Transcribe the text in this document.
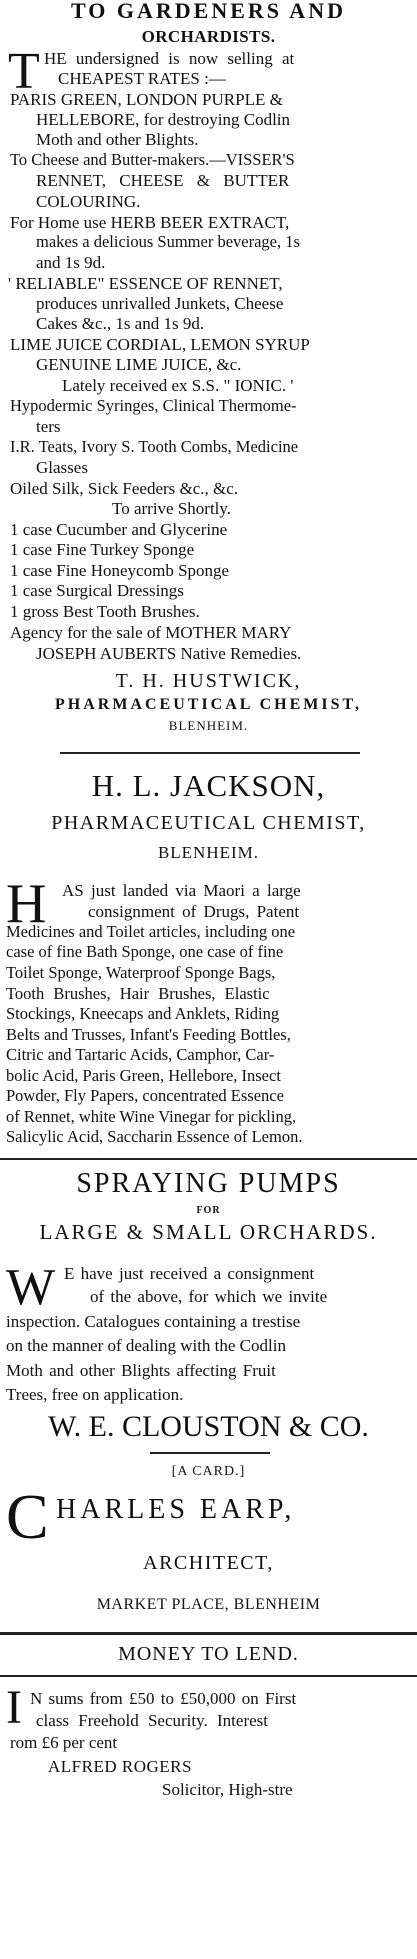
TO GARDENERS AND
ORCHARDISTS.
T HE undersigned is now selling at
CHEAPEST RATES :—
PARIS GREEN, LONDON PURPLE &
HELLEBORE, for destroying Codlin
Moth and other Blights.
To Cheese and Butter-makers.—VISSER'S
RENNET, CHEESE & BUTTER
COLOURING.
For Home use HERB BEER EXTRACT,
makes a delicious Summer beverage, 1s
and 1s 9d.
' RELIABLE" ESSENCE OF RENNET,
produces unrivalled Junkets, Cheese
Cakes &c., 1s and 1s 9d.
LIME JUICE CORDIAL, LEMON SYRUP
GENUINE LIME JUICE, &c.
Lately received ex S.S. " IONIC. '
Hypodermic Syringes, Clinical Thermome-
ters
I.R. Teats, Ivory S. Tooth Combs, Medicine
Glasses
Oiled Silk, Sick Feeders &c., &c.
To arrive Shortly.
1 case Cucumber and Glycerine
1 case Fine Turkey Sponge
1 case Fine Honeycomb Sponge
1 case Surgical Dressings
1 gross Best Tooth Brushes.
Agency for the sale of MOTHER MARY
JOSEPH AUBERTS Native Remedies.
T. H. HUSTWICK,
PHARMACEUTICAL CHEMIST,
BLENHEIM.
H. L. JACKSON,
PHARMACEUTICAL CHEMIST,
BLENHEIM.
H AS just landed via Maori a large
consignment of Drugs, Patent
Medicines and Toilet articles, including one
case of fine Bath Sponge, one case of fine
Toilet Sponge, Waterproof Sponge Bags,
Tooth Brushes, Hair Brushes, Elastic
Stockings, Kneecaps and Anklets, Riding
Belts and Trusses, Infant's Feeding Bottles,
Citric and Tartaric Acids, Camphor, Car-
bolic Acid, Paris Green, Hellebore, Insect
Powder, Fly Papers, concentrated Essence
of Rennet, white Wine Vinegar for pickling,
Salicylic Acid, Saccharin Essence of Lemon.
SPRAYING PUMPS
FOR
LARGE & SMALL ORCHARDS.
W E have just received a consignment
of the above, for which we invite
inspection. Catalogues containing a trestise
on the manner of dealing with the Codlin
Moth and other Blights affecting Fruit
Trees, free on application.
W. E. CLOUSTON & CO.
[A CARD.]
C HARLES EARP,
ARCHITECT,
MARKET PLACE, BLENHEIM
MONEY TO LEND.
I N sums from £50 to £50,000 on First
class Freehold Security. Interest
rom £6 per cent
ALFRED ROGERS
Solicitor, High-stre
